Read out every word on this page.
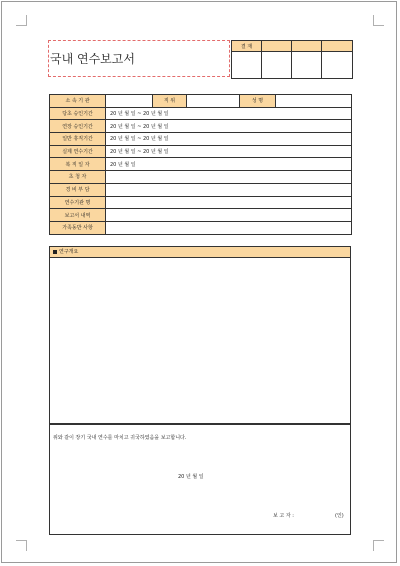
국내 연수보고서
결 재			

소 속 기 관		직 위		성 명	
당초 승인기간	20 년 월 일 ~ 20 년 월 일				
연장 승인기간	20 년 월 일 ~ 20 년 월 일				
일반 휴직기간	20 년 월 일 ~ 20 년 월 일				
실제 연수기간	20 년 월 일 ~ 20 년 월 일				
복 직 일 자	20 년 월 일				
초 청 자					
경 비 부 담					
연수기관 명					
보고서 내역					
가족동반 사항					
연구개요
위와 같이 장기 국내 연수를 마치고 귀국하였음을 보고합니다.
20 년 월 일
보 고 자 :	(인)
